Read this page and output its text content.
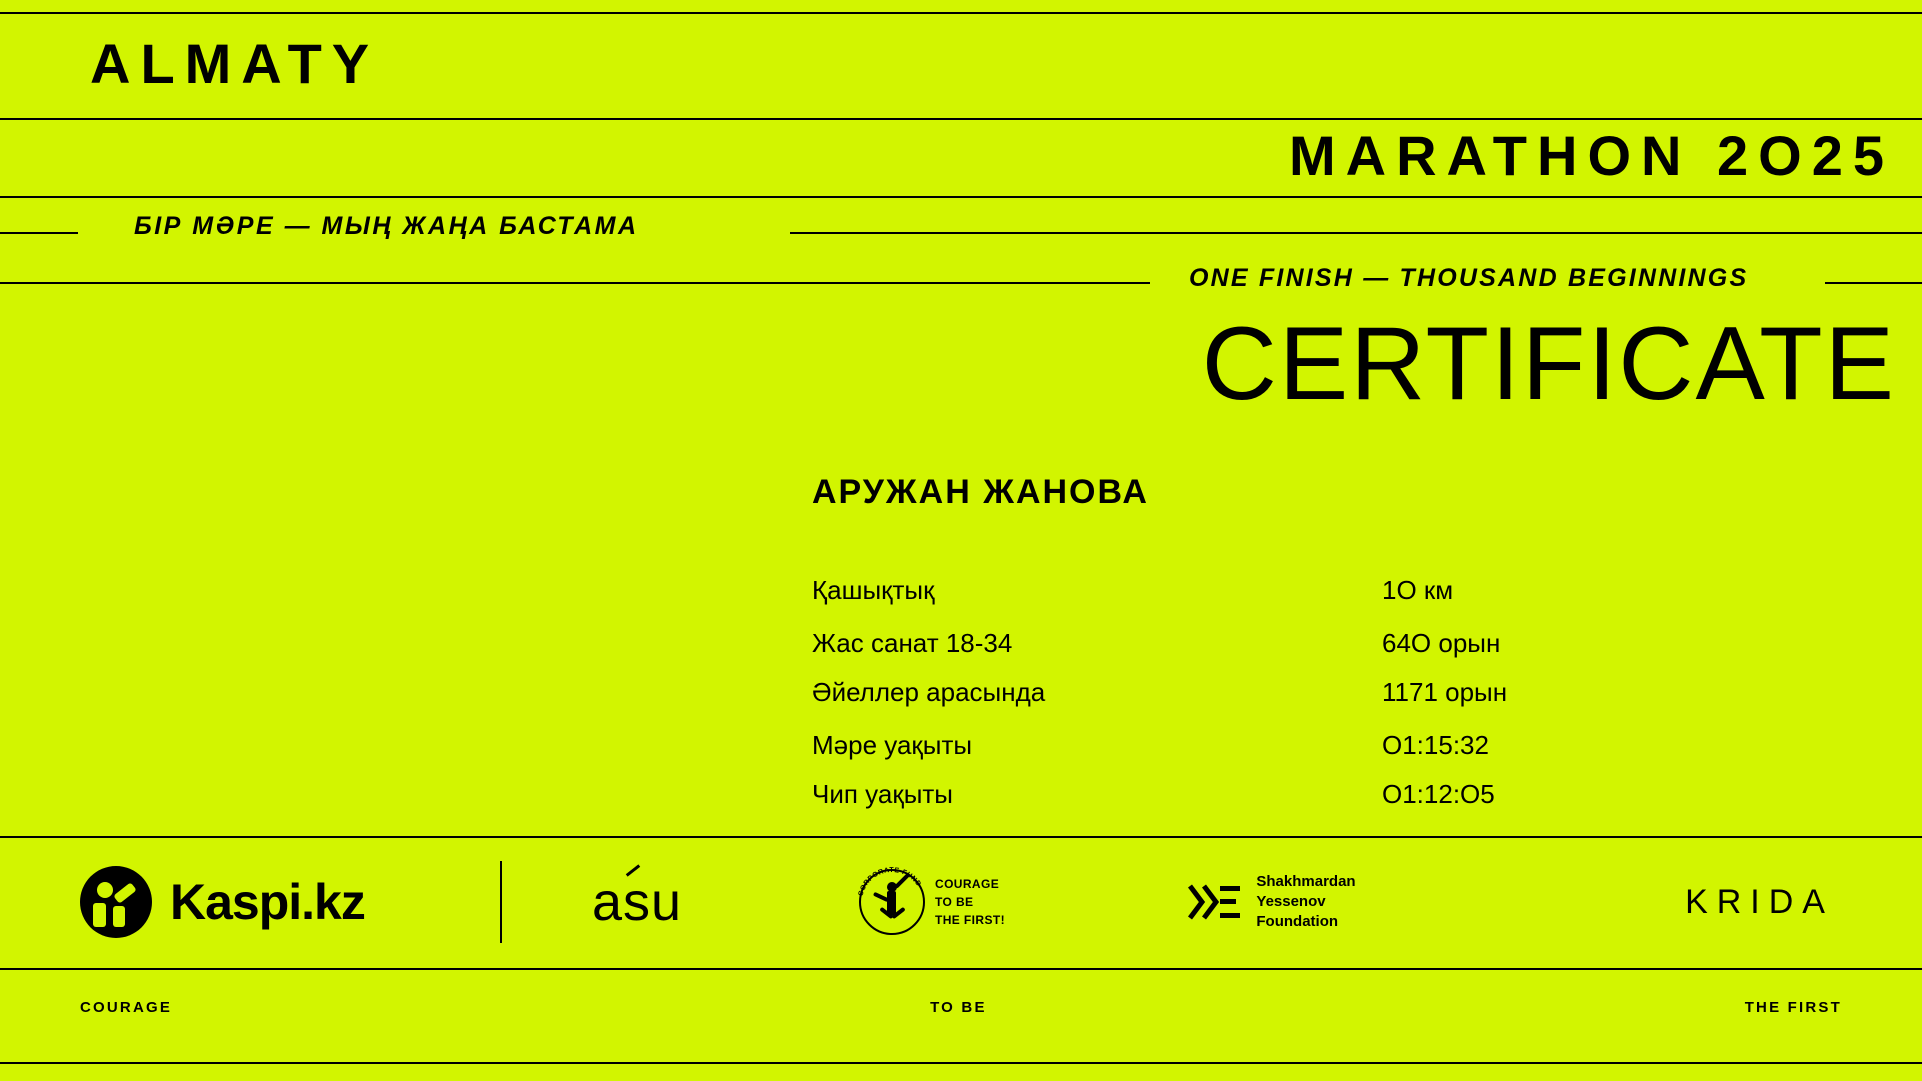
ALMATY
MARATHON 2O25
БІР МӘРЕ — МЫҢ ЖАҢА БАСТАМА
ONE FINISH — THOUSAND BEGINNINGS
CERTIFICATE
АРУЖАН ЖАНОВА
Қашықтық	1O км
Жас санат 18-34	64O орын
Әйеллер арасында	1171 орын
Мәре уақыты	O1:15:32
Чип уақыты	O1:12:O5
Kaspi.kz	asu	CORPORATE FUND COURAGE
TO BE
THE FIRST!
Shakhmardan
Yessenov
Foundation
KRIDA
COURAGE	TO BE	THE FIRST
